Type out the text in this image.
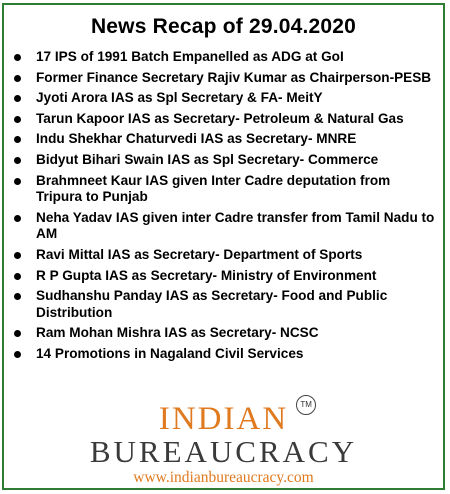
News Recap of 29.04.2020
17 IPS of 1991 Batch Empanelled as ADG at GoI
Former Finance Secretary Rajiv Kumar as Chairperson-PESB
Jyoti Arora IAS as Spl Secretary & FA- MeitY
Tarun Kapoor IAS as Secretary- Petroleum & Natural Gas
Indu Shekhar Chaturvedi IAS as Secretary- MNRE
Bidyut Bihari Swain IAS as Spl Secretary- Commerce
Brahmneet Kaur IAS given Inter Cadre deputation from Tripura to Punjab
Neha Yadav IAS given inter Cadre transfer from Tamil Nadu to AM
Ravi Mittal IAS as Secretary- Department of Sports
R P Gupta IAS as Secretary- Ministry of Environment
Sudhanshu Panday IAS as Secretary- Food and Public Distribution
Ram Mohan Mishra IAS as Secretary- NCSC
14 Promotions in Nagaland Civil Services
INDIAN	TM
BUREAUCRACY
www.indianbureaucracy.com
